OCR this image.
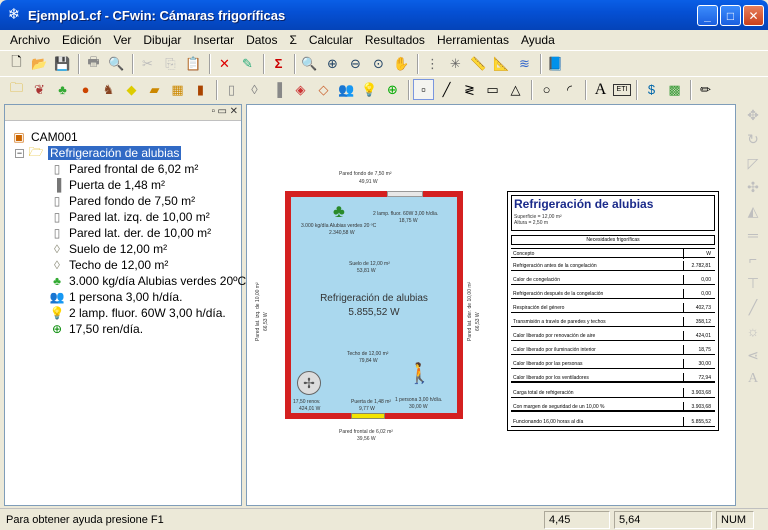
❄ Ejemplo1.cf - CFwin: Cámaras frigoríficas	_	□	✕
Archivo	Edición	Ver	Dibujar	Insertar	Datos	Σ	Calcular	Resultados	Herramientas	Ayuda
🗋 📂 💾	🖶 🔍	✂ ⎘ 📋	✕ ✎	Σ	🔍 ⊕ ⊖ ⊙ ✋	⋮ ✳ 📏 📐 ≋	📘
🗀 ❦	♣	●	♞ ◆	▰ ▦	▮	▯	◊	▐	◈	◇ 👥 💡 ⊕	▫	╱	≷ ▭ △	○	◜	A	ETI	$	▩	✏
▫ ▭ ✕
▣ CAM001
− 🗁 Refrigeración de alubias
▯ Pared frontal de 6,02 m²
▐ Puerta de 1,48 m²
▯ Pared fondo de 7,50 m²
▯ Pared lat. izq. de 10,00 m²
▯ Pared lat. der. de 10,00 m²
◊ Suelo de 12,00 m²
◊ Techo de 12,00 m²
♣ 3.000 kg/día Alubias verdes 20ºC
👥 1 persona 3,00 h/día.
💡 2 lamp. fluor. 60W 3,00 h/día.
⊕ 17,50 ren/día.
Pared fondo de 7,50 m²
49,91 W
Pared lat. izq. de 10,00 m² 66,53 W	Pared lat. der. de 10,00 m² 66,53 W
♣
3.000 kg/día Alubias verdes 20 ºC
2.340,58 W
2 lamp. fluor. 60W 3,00 h/día.
18,75 W
Suelo de 12,00 m²
53,81 W
Refrigeración de alubias
5.855,52 W
Techo de 12,00 m²
79,84 W
✢
17,50 renov.
424,01 W
🚶
1 persona 3,00 h/día.
30,00 W
Puerta de 1,48 m²
9,77 W
Pared frontal de 6,02 m²
39,56 W
Refrigeración de alubias
Superficie = 12,00 m²
Altura = 2,50 m
Necesidades frigoríficas
Concepto	W
Refrigeración antes de la congelación	2.782,81
Calor de congelación	0,00
Refrigeración después de la congelación	0,00
Respiración del género	402,73
Transmisión a través de paredes y techos	358,12
Calor liberado por renovación de aire	424,01
Calor liberado por iluminación interior	18,75
Calor liberado por las personas	30,00
Calor liberado por los ventiladores	72,94
Carga total de refrigeración	3.903,68
Con margen de seguridad de un 10,00 %	3.903,68
Funcionando 16,00 horas al día	5.855,52
✥
↻
◸
✣
◭
═
⌐
⊤
╱
☼
⋖
A
Para obtener ayuda presione F1	4,45	5,64	NUM
